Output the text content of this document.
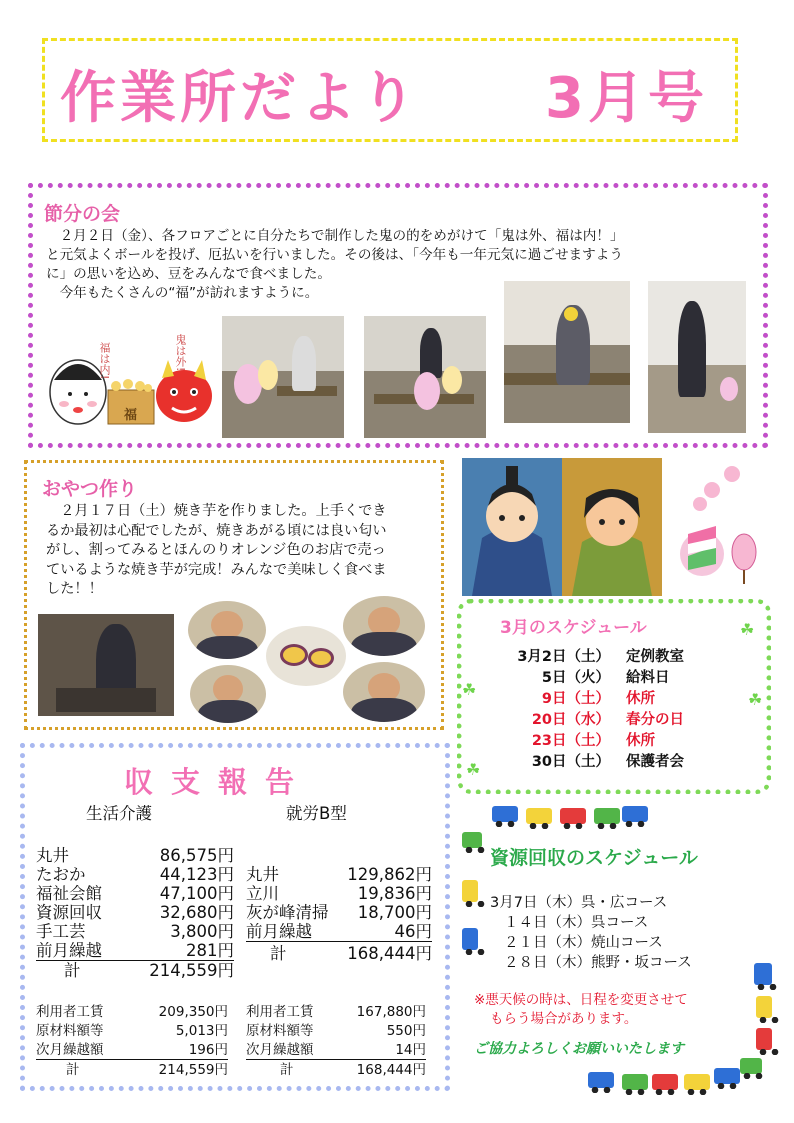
作業所だより 3月号
節分の会
　２月２日（金）、各フロアごとに自分たちで制作した鬼の的をめがけて「鬼は外、福は内！」
と元気よくボールを投げ、厄払いを行いました。その後は、「今年も一年元気に過ごせますよう
に」の思いを込め、豆をみんなで食べました。
　今年もたくさんの“福”が訪れますように。
福は内!	鬼は外!
福
おやつ作り
　２月１７日（土）焼き芋を作りました。上手くでき
るか最初は心配でしたが、焼きあがる頃には良い匂い
がし、割ってみるとほんのりオレンジ色のお店で売っ
ているような焼き芋が完成！みんなで美味しく食べま
した！！
3月のスケジュール
3月2日（土） 定例教室
5日（火） 給料日
9日（土） 休所
20日（水） 春分の日
23日（土） 休所
30日（土） 保護者会
☘
☘
☘
☘
収支報告
生活介護	就労B型
丸井	86,575円
たおか	44,123円
福祉会館	47,100円
資源回収	32,680円
手工芸	3,800円
前月繰越	281円
計	214,559円
丸井	129,862円
立川	19,836円
灰が峰清掃	18,700円
前月繰越	46円
計	168,444円
利用者工賃	209,350円
原材料額等	5,013円
次月繰越額	196円
計	214,559円
利用者工賃	167,880円
原材料額等	550円
次月繰越額	14円
計	168,444円
資源回収のスケジュール
3月7日（木）呉・広コース
１４日（木）呉コース
２１日（木）焼山コース
２８日（木）熊野・坂コース
※悪天候の時は、日程を変更させて
もらう場合があります。
ご協力よろしくお願いいたします
